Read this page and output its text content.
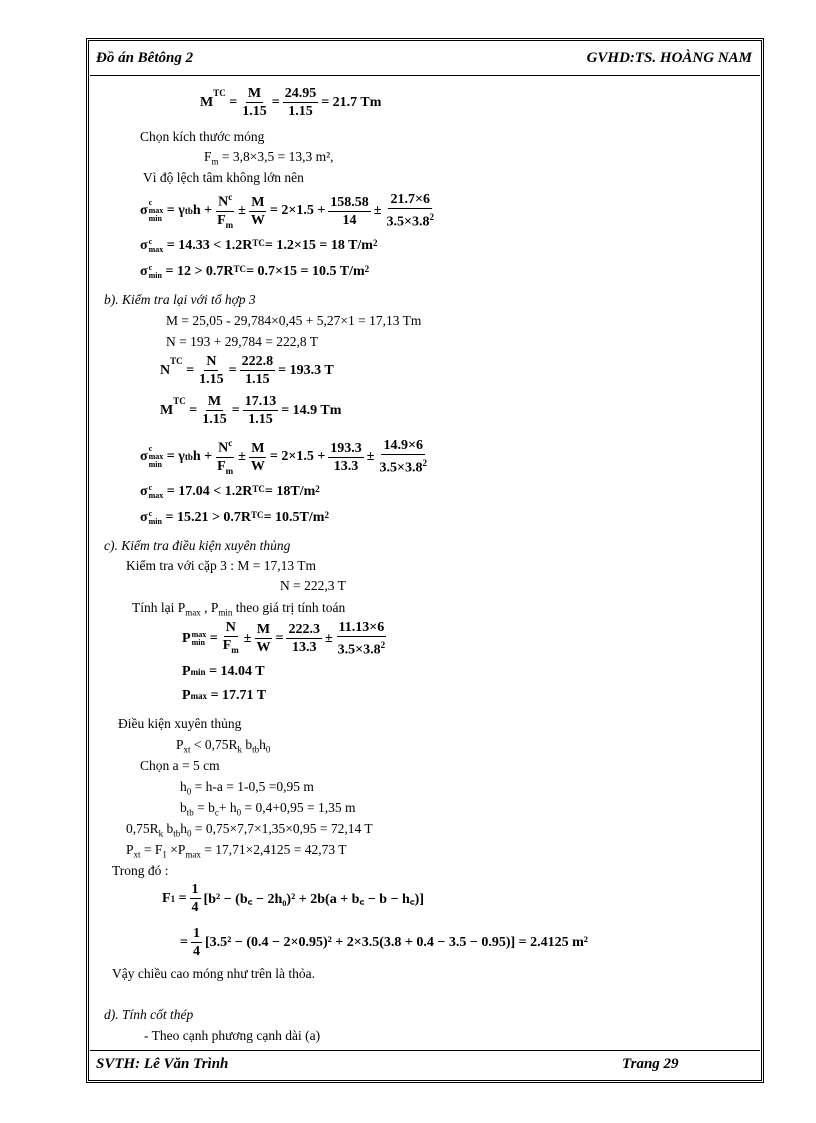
Đồ án Bêtông 2	GVHD:TS. HOÀNG NAM
M
$^{TC}$
= $\frac{M}{1.15} = \frac{24.95}{1.15} = 21.7$ Tm
Chọn kích thước móng
$F_m = 3,8\times 3,5 = 13,3$ m²,
Vì độ lệch tâm không lớn nên
σ
c
max
min

= γ tb $h + \frac{N^c}{F_m} \pm \frac{M}{W} = 2\times 1.5 + \frac{158.58}{14} \pm \frac{21.7\times 6}{3.5\times 3.8^2}$
σ c
max
= $14.33 < 1.2R^{TC} = 1.2\times 15 = 18$ $T/m^2$
σ c
min
= $12 > 0.7R^{TC} = 0.7\times 15 = 10.5$ $T/m^2$
b). Kiểm tra lại với tổ hợp 3
M = 25,05 - 29,784×0,45 + 5,27×1 = 17,13 Tm
N = 193 + 29,784 = 222,8 T
N
$^{TC}$
= $\frac{N}{1.15} = \frac{222.8}{1.15} = 193.3$ T
M
$^{TC}$
= $\frac{M}{1.15} = \frac{17.13}{1.15} = 14.9$ Tm
σ
c
max
min

= γ tb $h + \frac{N^c}{F_m} \pm \frac{M}{W} = 2\times 1.5 + \frac{193.3}{13.3} \pm \frac{14.9\times 6}{3.5\times 3.8^2}$
σ c
max
= $17.04 < 1.2R^{TC} = 18T/m^2$
σ c
min
= $15.21 > 0.7R^{TC} = 10.5T/m^2$
c). Kiểm tra điều kiện xuyên thủng
Kiểm tra với cặp 3 : M = 17,13 Tm
N = 222,3 T
Tính lại $P_{max}$ , $P_{min}$ theo giá trị tính toán
P max
$\min = \frac{N}{F_m} \pm \frac{M}{W} = \frac{222.3}{13.3} \pm \frac{11.13\times 6}{3.5\times 3.8^2}$
P min
= 14.04 T
P max
= 17.71 T
Điều kiện xuyên thủng
$P_{xt} < 0,75R_k$ $b_{tb}h_0$
Chọn a = 5 cm
$h_0 = h-a = 1-0,5 =0,95$ m
$b_{tb} = b_c+ h_0 = 0,4+0,95 = 1,35$ m
$0,75R_k$ $b_{tb}h_0 = 0,75\times 7,7\times 1,35\times 0,95 = 72,14$ T
$P_{xt} = F_1 \times P_{max} = 17,71\times 2,4125 = 42,73$ T
Trong đó :
F 1
= $\frac{1}{4} [b^2$ − (b꜀ − 2h₀)² + 2b(a + b꜀ − b − h꜀)]
= $\frac{1}{4} [3.5^2 - (0.4 - 2\times 0.95)^2 + 2\times 3.5(3.8 + 0.4 - 3.5 - 0.95)] = 2.4125$ m²
Vậy chiều cao móng như trên là thỏa.
d). Tính cốt thép
- Theo cạnh phương cạnh dài (a)
SVTH: Lê Văn Trình	Trang 29
